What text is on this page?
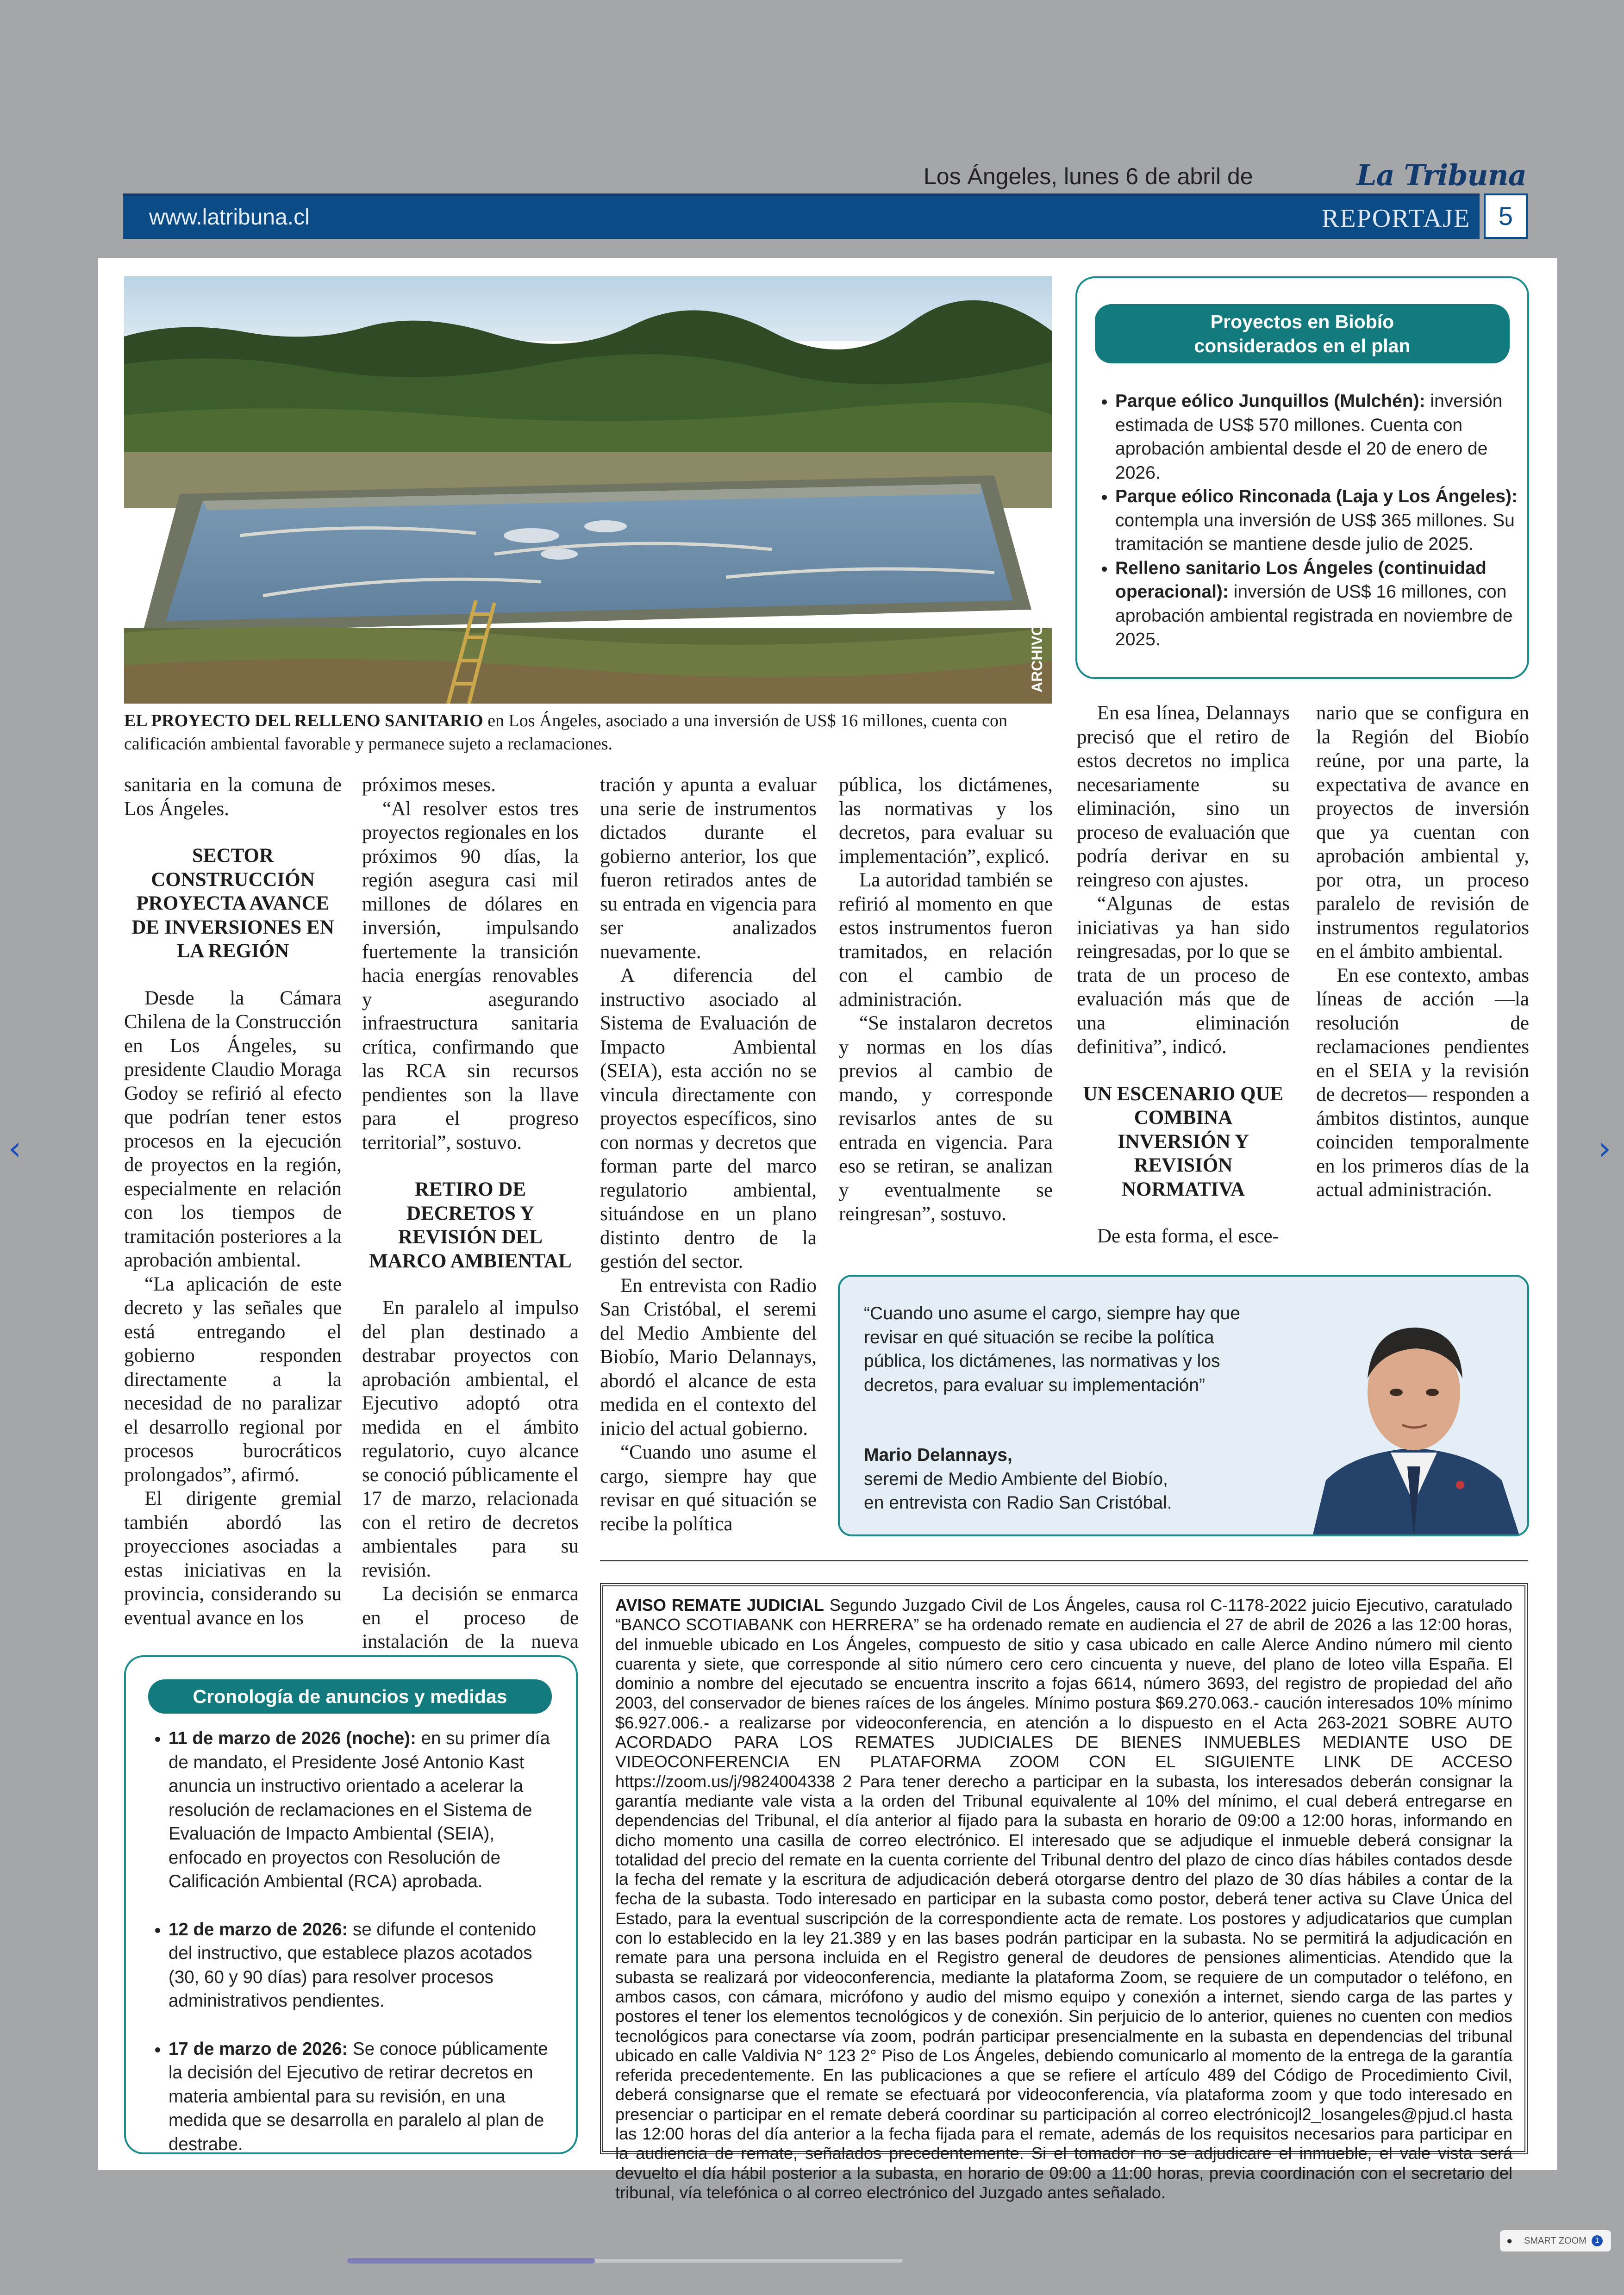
Los Ángeles, lunes 6 de abril de	La Tribuna
www.latribuna.cl	REPORTAJE	5
EL PROYECTO DEL RELLENO SANITARIO en Los Ángeles, asociado a una inversión de US$ 16 millones, cuenta con calificación ambiental favorable y permanece sujeto a reclamaciones.
Proyectos en Biobío
considerados en el plan
• Parque eólico Junquillos (Mulchén): inversión estimada de US$ 570 millones. Cuenta con aprobación ambiental desde el 20 de enero de 2026.
• Parque eólico Rinconada (Laja y Los Ángeles): contempla una inversión de US$ 365 millones. Su tramitación se mantiene desde julio de 2025.
• Relleno sanitario Los Ángeles (continuidad operacional): inversión de US$ 16 millones, con aprobación ambiental registrada en noviembre de 2025.

sanitaria en la comuna de Los Ángeles.

SECTOR CONSTRUCCIÓN PROYECTA AVANCE DE INVERSIONES EN LA REGIÓN

Desde la Cámara Chilena de la Construcción en Los Ángeles, su presidente Claudio Moraga Godoy se refirió al efecto que podrían tener estos procesos en la ejecución de proyectos en la región, especialmente en relación con los tiempos de tramitación posteriores a la aprobación ambiental.

“La aplicación de este decreto y las señales que está entregando el gobierno responden directamente a la necesidad de no paralizar el desarrollo regional por procesos burocráticos prolongados”, afirmó.

El dirigente gremial también abordó las proyecciones asociadas a estas iniciativas en la provincia, considerando su eventual avance en los

próximos meses.

“Al resolver estos tres proyectos regionales en los próximos 90 días, la región asegura casi mil millones de dólares en inversión, impulsando fuertemente la transición hacia energías renovables y asegurando infraestructura sanitaria crítica, confirmando que las RCA sin recursos pendientes son la llave para el progreso territorial”, sostuvo.

RETIRO DE DECRETOS Y REVISIÓN DEL MARCO AMBIENTAL

En paralelo al impulso del plan destinado a destrabar proyectos con aprobación ambiental, el Ejecutivo adoptó otra medida en el ámbito regulatorio, cuyo alcance se conoció públicamente el 17 de marzo, relacionada con el retiro de decretos ambientales para su revisión.

La decisión se enmarca en el proceso de instalación de la nueva

tración y apunta a evaluar una serie de instrumentos dictados durante el gobierno anterior, los que fueron retirados antes de su entrada en vigencia para ser analizados nuevamente.

A diferencia del instructivo asociado al Sistema de Evaluación de Impacto Ambiental (SEIA), esta acción no se vincula directamente con proyectos específicos, sino con normas y decretos que forman parte del marco regulatorio ambiental, situándose en un plano distinto dentro de la gestión del sector.

En entrevista con Radio San Cristóbal, el seremi del Medio Ambiente del Biobío, Mario Delannays, abordó el alcance de esta medida en el contexto del inicio del actual gobierno.

“Cuando uno asume el cargo, siempre hay que revisar en qué situación se recibe la política

pública, los dictámenes, las normativas y los decretos, para evaluar su implementación”, explicó.

La autoridad también se refirió al momento en que estos instrumentos fueron tramitados, en relación con el cambio de administración.

“Se instalaron decretos y normas en los días previos al cambio de mando, y corresponde revisarlos antes de su entrada en vigencia. Para eso se retiran, se analizan y eventualmente se reingresan”, sostuvo.

En esa línea, Delannays precisó que el retiro de estos decretos no implica necesariamente su eliminación, sino un proceso de evaluación que podría derivar en su reingreso con ajustes.

“Algunas de estas iniciativas ya han sido reingresadas, por lo que se trata de un proceso de evaluación más que de una eliminación definitiva”, indicó.

UN ESCENARIO QUE COMBINA INVERSIÓN Y REVISIÓN NORMATIVA

De esta forma, el esce-

nario que se configura en la Región del Biobío reúne, por una parte, la expectativa de avance en proyectos de inversión que ya cuentan con aprobación ambiental y, por otra, un proceso paralelo de revisión de instrumentos regulatorios en el ámbito ambiental.

En ese contexto, ambas líneas de acción —la resolución de reclamaciones pendientes en el SEIA y la revisión de decretos— responden a ámbitos distintos, aunque coinciden temporalmente en los primeros días de la actual administración.

“Cuando uno asume el cargo, siempre hay que revisar en qué situación se recibe la política pública, los dictámenes, las normativas y los decretos, para evaluar su implementación”
Mario Delannays,
seremi de Medio Ambiente del Biobío,
en entrevista con Radio San Cristóbal.
Cronología de anuncios y medidas
• 11 de marzo de 2026 (noche): en su primer día de mandato, el Presidente José Antonio Kast anuncia un instructivo orientado a acelerar la resolución de reclamaciones en el Sistema de Evaluación de Impacto Ambiental (SEIA), enfocado en proyectos con Resolución de Calificación Ambiental (RCA) aprobada.
• 12 de marzo de 2026: se difunde el contenido del instructivo, que establece plazos acotados (30, 60 y 90 días) para resolver procesos administrativos pendientes.
• 17 de marzo de 2026: Se conoce públicamente la decisión del Ejecutivo de retirar decretos en materia ambiental para su revisión, en una medida que se desarrolla en paralelo al plan de destrabe.
AVISO REMATE JUDICIAL Segundo Juzgado Civil de Los Ángeles, causa rol C-1178-2022 juicio Ejecutivo, caratulado “BANCO SCOTIABANK con HERRERA” se ha ordenado remate en audiencia el 27 de abril de 2026 a las 12:00 horas, del inmueble ubicado en Los Ángeles, compuesto de sitio y casa ubicado en calle Alerce Andino número mil ciento cuarenta y siete, que corresponde al sitio número cero cero cincuenta y nueve, del plano de loteo villa España. El dominio a nombre del ejecutado se encuentra inscrito a fojas 6614, número 3693, del registro de propiedad del año 2003, del conservador de bienes raíces de los ángeles. Mínimo postura $69.270.063.- caución interesados 10% mínimo $6.927.006.- a realizarse por videoconferencia, en atención a lo dispuesto en el Acta 263-2021 SOBRE AUTO ACORDADO PARA LOS REMATES JUDICIALES DE BIENES INMUEBLES MEDIANTE USO DE VIDEOCONFERENCIA EN PLATAFORMA ZOOM CON EL SIGUIENTE LINK DE ACCESO https://zoom.us/j/9824004338 2 Para tener derecho a participar en la subasta, los interesados deberán consignar la garantía mediante vale vista a la orden del Tribunal equivalente al 10% del mínimo, el cual deberá entregarse en dependencias del Tribunal, el día anterior al fijado para la subasta en horario de 09:00 a 12:00 horas, informando en dicho momento una casilla de correo electrónico. El interesado que se adjudique el inmueble deberá consignar la totalidad del precio del remate en la cuenta corriente del Tribunal dentro del plazo de cinco días hábiles contados desde la fecha del remate y la escritura de adjudicación deberá otorgarse dentro del plazo de 30 días hábiles a contar de la fecha de la subasta. Todo interesado en participar en la subasta como postor, deberá tener activa su Clave Única del Estado, para la eventual suscripción de la correspondiente acta de remate. Los postores y adjudicatarios que cumplan con lo establecido en la ley 21.389 y en las bases podrán participar en la subasta. No se permitirá la adjudicación en remate para una persona incluida en el Registro general de deudores de pensiones alimenticias. Atendido que la subasta se realizará por videoconferencia, mediante la plataforma Zoom, se requiere de un computador o teléfono, en ambos casos, con cámara, micrófono y audio del mismo equipo y conexión a internet, siendo carga de las partes y postores el tener los elementos tecnológicos y de conexión. Sin perjuicio de lo anterior, quienes no cuenten con medios tecnológicos para conectarse vía zoom, podrán participar presencialmente en la subasta en dependencias del tribunal ubicado en calle Valdivia N° 123 2° Piso de Los Ángeles, debiendo comunicarlo al momento de la entrega de la garantía referida precedentemente. En las publicaciones a que se refiere el artículo 489 del Código de Procedimiento Civil, deberá consignarse que el remate se efectuará por videoconferencia, vía plataforma zoom y que todo interesado en presenciar o participar en el remate deberá coordinar su participación al correo electrónicojl2_losangeles@pjud.cl hasta las 12:00 horas del día anterior a la fecha fijada para el remate, además de los requisitos necesarios para participar en la audiencia de remate, señalados precedentemente. Si el tomador no se adjudicare el inmueble, el vale vista será devuelto el día hábil posterior a la subasta, en horario de 09:00 a 11:00 horas, previa coordinación con el secretario del tribunal, vía telefónica o al correo electrónico del Juzgado antes señalado.
‹	›
● SMART ZOOM	1
